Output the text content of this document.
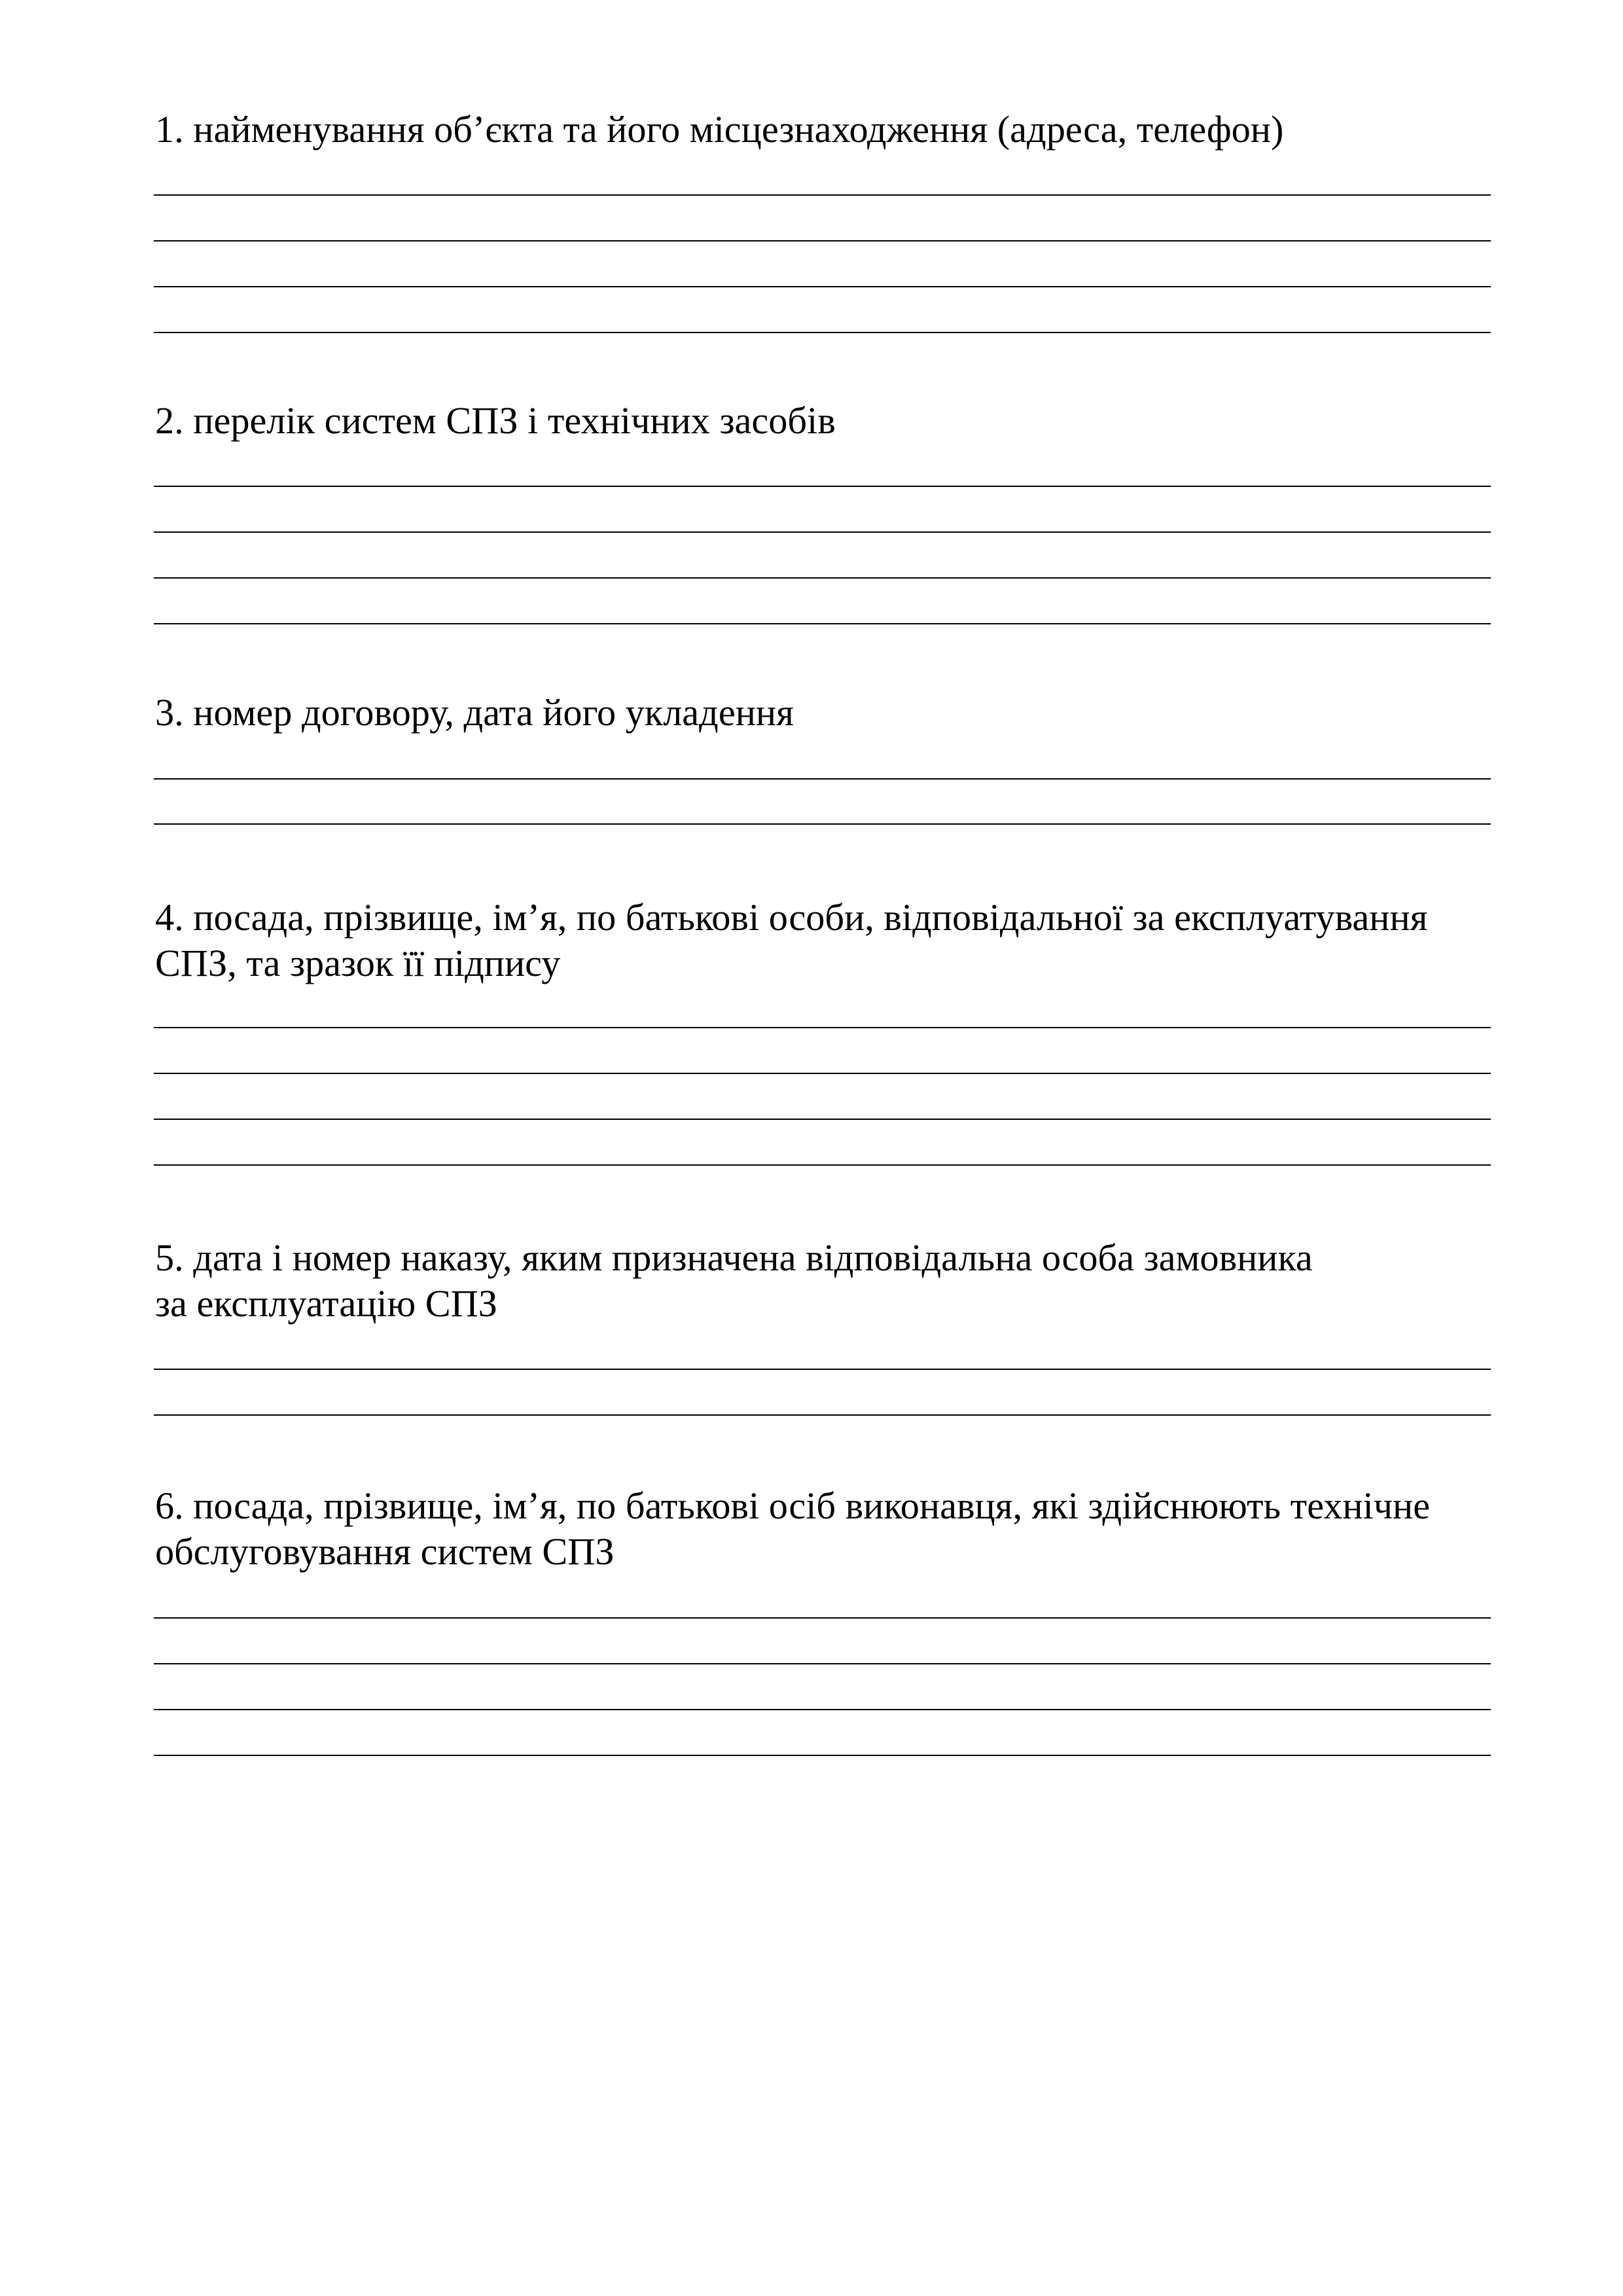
1. найменування об’єкта та його місцезнаходження (адреса, телефон)
2. перелік систем СПЗ і технічних засобів
3. номер договору, дата його укладення
4. посада, прізвище, ім’я, по батькові особи, відповідальної за експлуатування
СПЗ, та зразок її підпису
5. дата і номер наказу, яким призначена відповідальна особа замовника
за експлуатацію СПЗ
6. посада, прізвище, ім’я, по батькові осіб виконавця, які здійснюють технічне
обслуговування систем СПЗ
